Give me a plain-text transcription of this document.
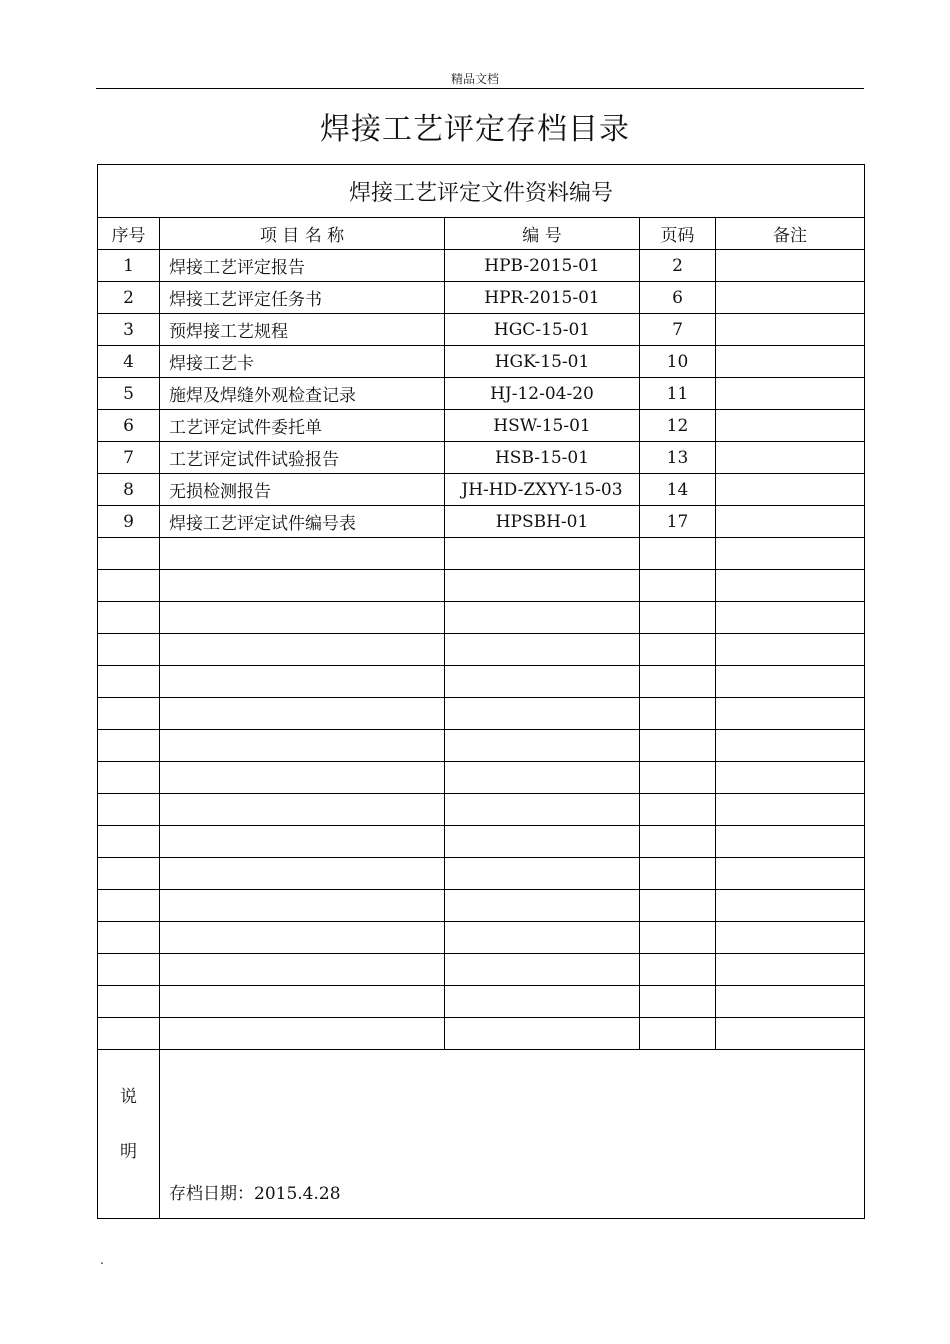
精品文档
焊接工艺评定存档目录
焊接工艺评定文件资料编号				
序号	项 目 名 称	编 号	页码	备注
1	焊接工艺评定报告	HPB-2015-01	2	
2	焊接工艺评定任务书	HPR-2015-01	6	
3	预焊接工艺规程	HGC-15-01	7	
4	焊接工艺卡	HGK-15-01	10	
5	施焊及焊缝外观检查记录	HJ-12-04-20	11	
6	工艺评定试件委托单	HSW-15-01	12	
7	工艺评定试件试验报告	HSB-15-01	13	
8	无损检测报告	JH-HD-ZXYY-15-03	14	
9	焊接工艺评定试件编号表	HPSBH-01	17	

说
明	存档日期：2015.4.28			
.
